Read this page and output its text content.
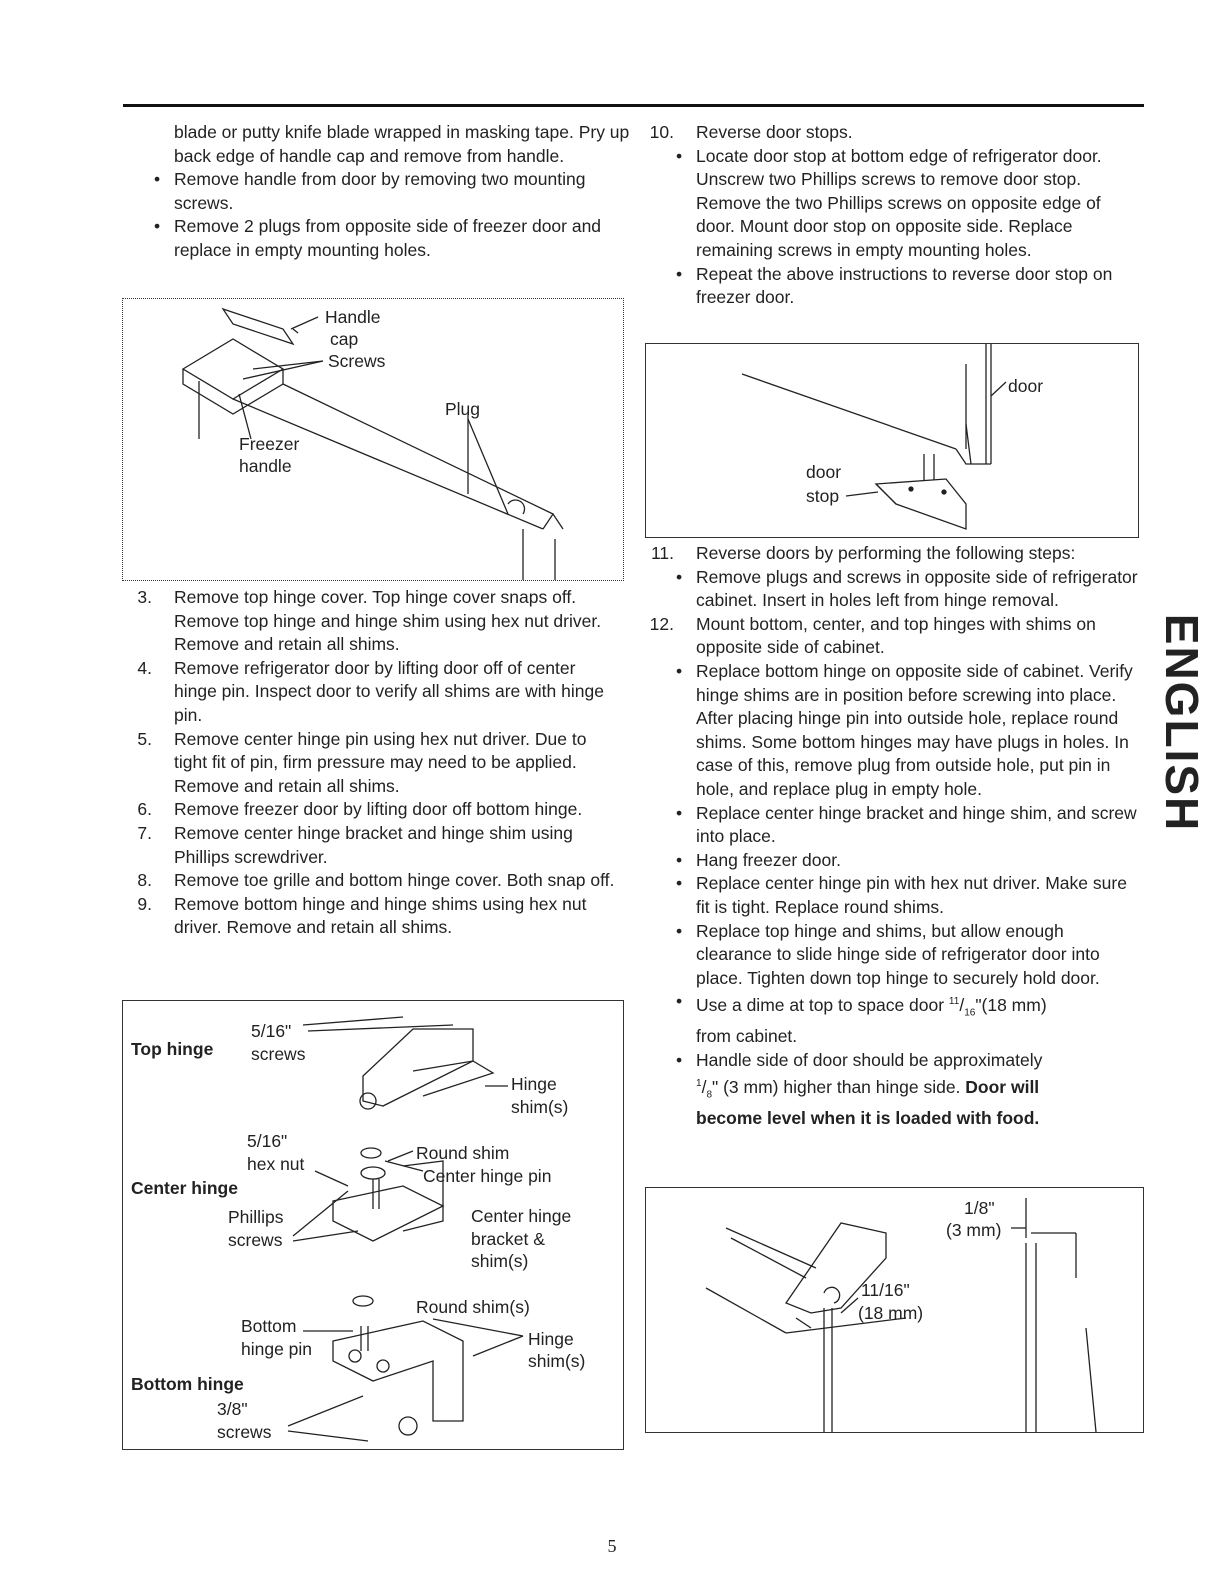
blade or putty knife blade wrapped in masking tape. Pry up back edge of handle cap and remove from handle.

• Remove handle from door by removing two mounting screws.
• Remove 2 plugs from opposite side of freezer door and replace in empty mounting holes.
Handle
cap
Screws
Plug
Freezer
handle
3.	Remove top hinge cover. Top hinge cover snaps off. Remove top hinge and hinge shim using hex nut driver. Remove and retain all shims.
4.	Remove refrigerator door by lifting door off of center hinge pin. Inspect door to verify all shims are with hinge pin.
5.	Remove center hinge pin using hex nut driver. Due to tight fit of pin, firm pressure may need to be applied. Remove and retain all shims.
6.	Remove freezer door by lifting door off bottom hinge.
7.	Remove center hinge bracket and hinge shim using Phillips screwdriver.
8.	Remove toe grille and bottom hinge cover. Both snap off.
9.	Remove bottom hinge and hinge shims using hex nut driver. Remove and retain all shims.
5/16"
Top hinge screws
Hinge
shim(s)
5/16"
hex nut
Round shim
Center hinge pin
Center hinge
Phillips
screws
Center hinge
bracket &
shim(s)
Round shim(s)
Bottom
hinge pin	Hinge
shim(s)
Bottom hinge
3/8"
screws
10.	Reverse door stops.
• Locate door stop at bottom edge of refrigerator door. Unscrew two Phillips screws to remove door stop. Remove the two Phillips screws on opposite edge of door. Mount door stop on opposite side. Replace remaining screws in empty mounting holes.
• Repeat the above instructions to reverse door stop on freezer door.
door
door
stop
11.	Reverse doors by performing the following steps:
• Remove plugs and screws in opposite side of refrigerator cabinet. Insert in holes left from hinge removal.
12.	Mount bottom, center, and top hinges with shims on opposite side of cabinet.
• Replace bottom hinge on opposite side of cabinet. Verify hinge shims are in position before screwing into place. After placing hinge pin into outside hole, replace round shims. Some bottom hinges may have plugs in holes. In case of this, remove plug from outside hole, put pin in hole, and replace plug in empty hole.
• Replace center hinge bracket and hinge shim, and screw into place.
• Hang freezer door.
• Replace center hinge pin with hex nut driver. Make sure fit is tight. Replace round shims.
• Replace top hinge and shims, but allow enough clearance to slide hinge side of refrigerator door into place. Tighten down top hinge to securely hold door.
• Use a dime at top to space door $^{11}/_{16}"(18$ mm)
from cabinet.
• Handle side of door should be approximately
$^1/_8$" (3 mm) higher than hinge side. Door will
become level when it is loaded with food.
1/8"
(3 mm)
11/16"
(18 mm)
ENGLISH
5
